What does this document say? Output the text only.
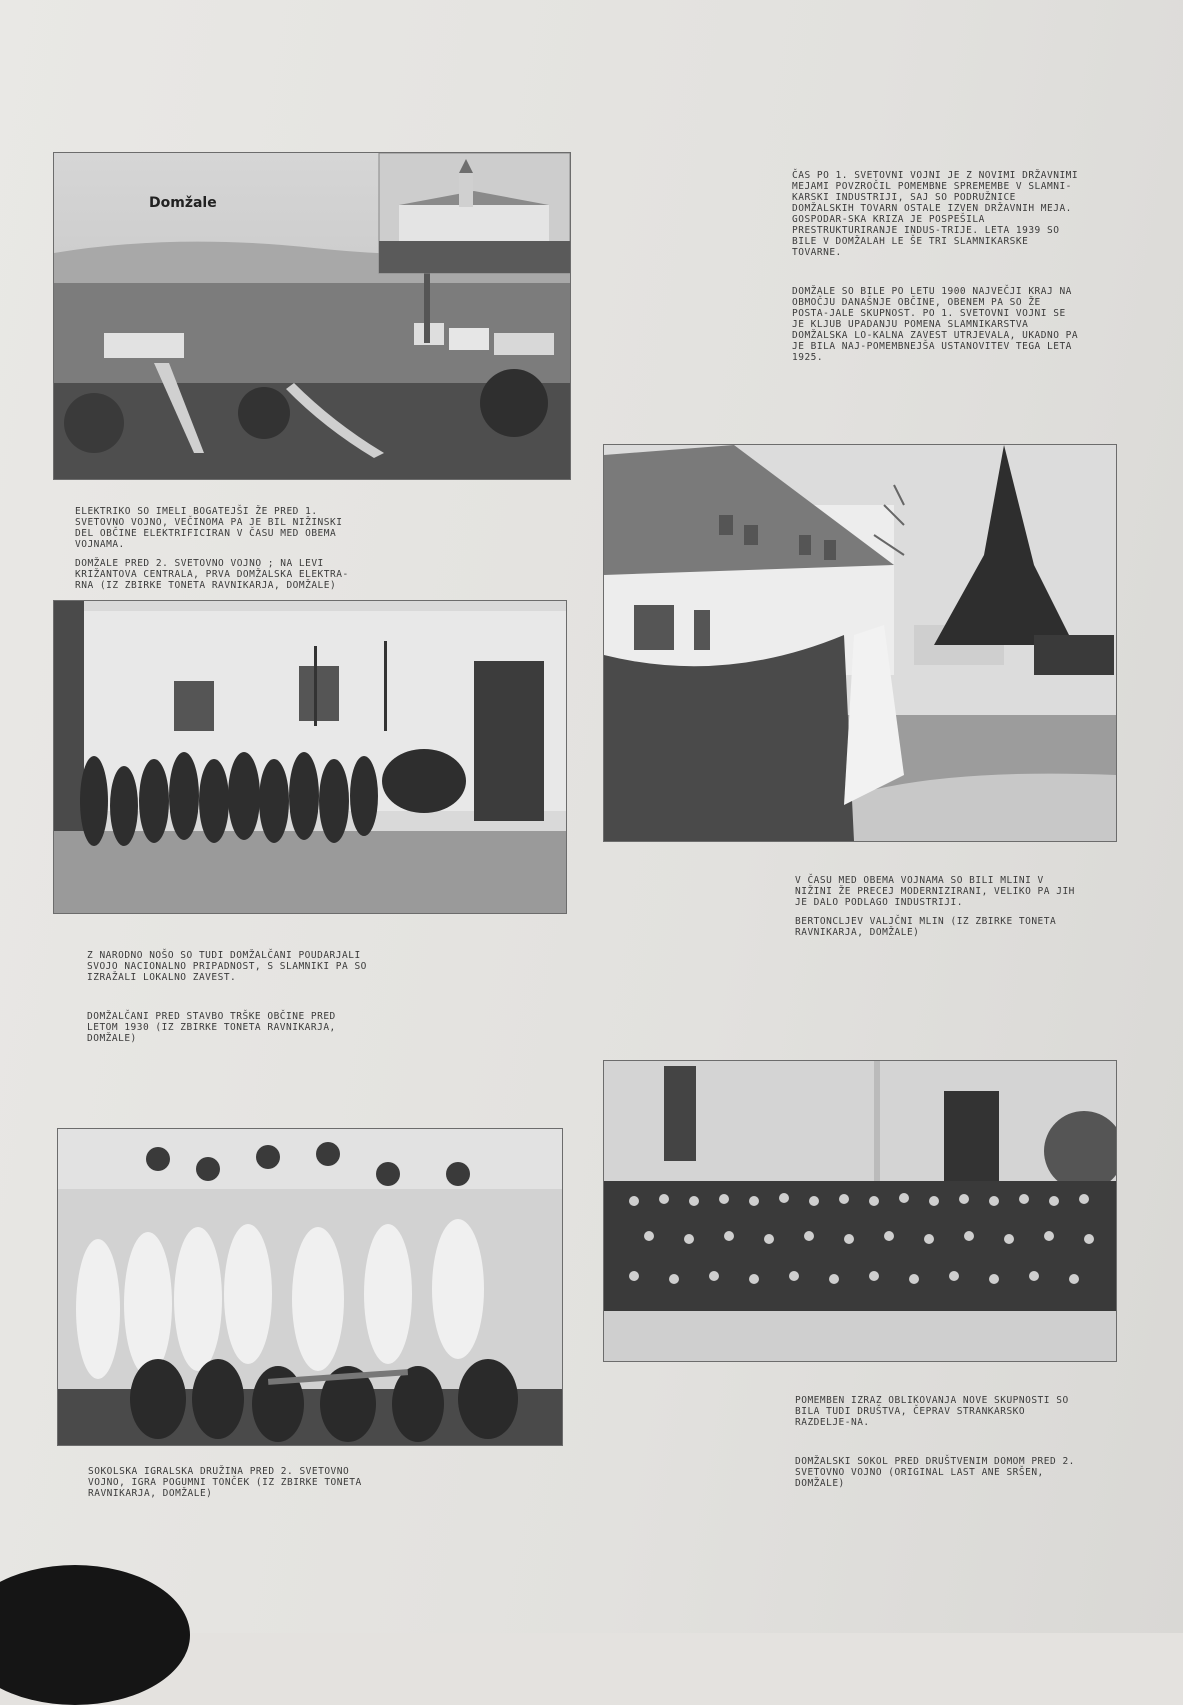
Domžale

ČAS PO 1. SVETOVNI VOJNI JE Z NOVIMI DRŽAVNIMI MEJAMI POVZROČIL POMEMBNE SPREMEMBE V SLAMNI-KARSKI INDUSTRIJI, SAJ SO PODRUŽNICE DOMŽALSKIH TOVARN OSTALE IZVEN DRŽAVNIH MEJA. GOSPODAR-SKA KRIZA JE POSPEŠILA PRESTRUKTURIRANJE INDUS-TRIJE. LETA 1939 SO BILE V DOMŽALAH LE ŠE TRI SLAMNIKARSKE TOVARNE.

DOMŽALE SO BILE PO LETU 1900 NAJVEČJI KRAJ NA OBMOČJU DANAŠNJE OBČINE, OBENEM PA SO ŽE POSTA-JALE SKUPNOST. PO 1. SVETOVNI VOJNI SE JE KLJUB UPADANJU POMENA SLAMNIKARSTVA DOMŽALSKA LO-KALNA ZAVEST UTRJEVALA, UKADNO PA JE BILA NAJ-POMEMBNEJŠA USTANOVITEV TEGA LETA 1925.

ELEKTRIKO SO IMELI BOGATEJŠI ŽE PRED 1. SVETOVNO VOJNO, VEČINOMA PA JE BIL NIŽINSKI DEL OBČINE ELEKTRIFICIRAN V ČASU MED OBEMA VOJNAMA.

DOMŽALE PRED 2. SVETOVNO VOJNO ; NA LEVI KRIŽANTOVA CENTRALA, PRVA DOMŽALSKA ELEKTRA-RNA (IZ ZBIRKE TONETA RAVNIKARJA, DOMŽALE)

V ČASU MED OBEMA VOJNAMA SO BILI MLINI V NIŽINI ŽE PRECEJ MODERNIZIRANI, VELIKO PA JIH JE DALO PODLAGO INDUSTRIJI.

BERTONCLJEV VALJČNI MLIN (IZ ZBIRKE TONETA RAVNIKARJA, DOMŽALE)

Z NARODNO NOŠO SO TUDI DOMŽALČANI POUDARJALI SVOJO NACIONALNO PRIPADNOST, S SLAMNIKI PA SO IZRAŽALI LOKALNO ZAVEST.

DOMŽALČANI PRED STAVBO TRŠKE OBČINE PRED LETOM 1930 (IZ ZBIRKE TONETA RAVNIKARJA, DOMŽALE)

POMEMBEN IZRAZ OBLIKOVANJA NOVE SKUPNOSTI SO BILA TUDI DRUŠTVA, ČEPRAV STRANKARSKO RAZDELJE-NA.

DOMŽALSKI SOKOL PRED DRUŠTVENIM DOMOM PRED 2. SVETOVNO VOJNO (ORIGINAL LAST ANE SRŠEN, DOMŽALE)

SOKOLSKA IGRALSKA DRUŽINA PRED 2. SVETOVNO VOJNO, IGRA POGUMNI TONČEK (IZ ZBIRKE TONETA RAVNIKARJA, DOMŽALE)
